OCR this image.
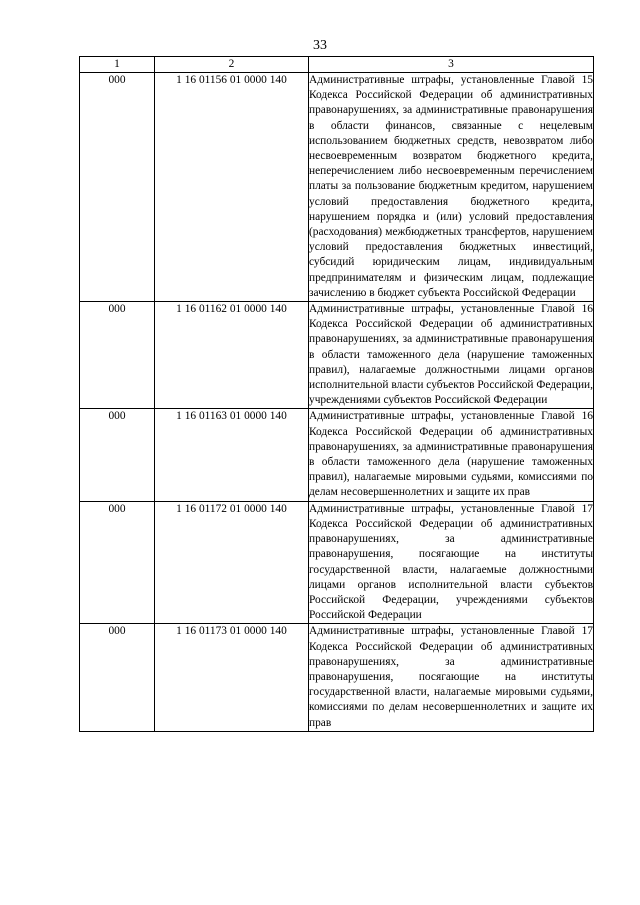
33
1	2	3
000	1 16 01156 01 0000 140	Административные штрафы, установленные Главой 15 Кодекса Российской Федерации об административных правонарушениях, за административные правонарушения в области финансов, связанные с нецелевым использованием бюджетных средств, невозвратом либо несвоевременным возвратом бюджетного кредита, неперечислением либо несвоевременным перечислением платы за пользование бюджетным кредитом, нарушением условий предоставления бюджетного кредита, нарушением порядка и (или) условий предоставления (расходования) межбюджетных трансфертов, нарушением условий предоставления бюджетных инвестиций, субсидий юридическим лицам, индивидуальным предпринимателям и физическим лицам, подлежащие зачислению в бюджет субъекта Российской Федерации
000	1 16 01162 01 0000 140	Административные штрафы, установленные Главой 16 Кодекса Российской Федерации об административных правонарушениях, за административные правонарушения в области таможенного дела (нарушение таможенных правил), налагаемые должностными лицами органов исполнительной власти субъектов Российской Федерации, учреждениями субъектов Российской Федерации
000	1 16 01163 01 0000 140	Административные штрафы, установленные Главой 16 Кодекса Российской Федерации об административных правонарушениях, за административные правонарушения в области таможенного дела (нарушение таможенных правил), налагаемые мировыми судьями, комиссиями по делам несовершеннолетних и защите их прав
000	1 16 01172 01 0000 140	Административные штрафы, установленные Главой 17 Кодекса Российской Федерации об административных правонарушениях, за административные правонарушения, посягающие на институты государственной власти, налагаемые должностными лицами органов исполнительной власти субъектов Российской Федерации, учреждениями субъектов Российской Федерации
000	1 16 01173 01 0000 140	Административные штрафы, установленные Главой 17 Кодекса Российской Федерации об административных правонарушениях, за административные правонарушения, посягающие на институты государственной власти, налагаемые мировыми судьями, комиссиями по делам несовершеннолетних и защите их прав
